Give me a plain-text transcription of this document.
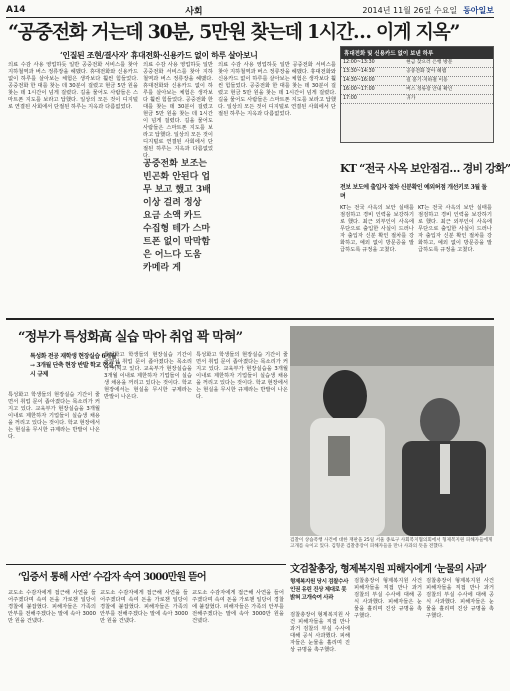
A14	사회	2014년 11월 26일 수요일 동아일보
“공중전화 거는데 30분, 5만원 찾는데 1시간… 이게 지옥”
‘인질된 조현/결사자’ 휴대전화·신용카드 없이 하루 살아보니

의료 수감 사용 영업하듯 일반 공중전화 서비스를 찾아 지하철역과 버스 정류장을 헤맸다. 휴대전화와 신용카드 없이 하루를 살아보는 체험은 생각보다 훨씬 힘들었다. 공중전화 한 대를 찾는 데 30분이 걸렸고 현금 5만 원을 찾는 데 1시간이 넘게 걸렸다. 길을 물어도 사람들은 스마트폰 지도를 보라고 답했다. 일상의 모든 것이 디지털로 연결된 사회에서 단절된 하루는 지옥과 다름없었다.

의료 수감 사용 영업하듯 일반 공중전화 서비스를 찾아 지하철역과 버스 정류장을 헤맸다. 휴대전화와 신용카드 없이 하루를 살아보는 체험은 생각보다 훨씬 힘들었다. 공중전화 한 대를 찾는 데 30분이 걸렸고 현금 5만 원을 찾는 데 1시간이 넘게 걸렸다. 길을 물어도 사람들은 스마트폰 지도를 보라고 답했다. 일상의 모든 것이 디지털로 연결된 사회에서 단절된 하루는 지옥과 다름없었다.

공중전화 보조는 빈곤화 안된다 업무 보고 했고 3배이상 걸려 정상 요금 소액 카드 수집형 테가 스마트폰 없이 막막함은 어느다 도움 카메라 게

의료 수감 사용 영업하듯 일반 공중전화 서비스를 찾아 지하철역과 버스 정류장을 헤맸다. 휴대전화와 신용카드 없이 하루를 살아보는 체험은 생각보다 훨씬 힘들었다. 공중전화 한 대를 찾는 데 30분이 걸렸고 현금 5만 원을 찾는 데 1시간이 넘게 걸렸다. 길을 물어도 사람들은 스마트폰 지도를 보라고 답했다. 일상의 모든 것이 디지털로 연결된 사회에서 단절된 하루는 지옥과 다름없었다.

휴대전화 및 신용카드 없이 보낸 하루
12:00~13:30	현금 찾으러 은행 방문
13:30~14:30	공중전화 찾아 헤맴
14:30~16:00	길 묻기·지하철 이동
16:00~17:00	버스 정류장 안내 확인
17:00	귀가
KT “전국 사옥 보안점검… 경비 강화”
전보 보도에 출입자 절차 신분확인 예외허점 개선키로 3월 돌며

KT는 전국 사옥의 보안 실태를 점검하고 경비 인력을 보강하기로 했다. 최근 외부인이 사옥에 무단으로 출입한 사실이 드러나자 출입자 신분 확인 절차를 강화하고, 예외 없이 방문증을 발급하도록 규정을 고쳤다.

KT는 전국 사옥의 보안 실태를 점검하고 경비 인력을 보강하기로 했다. 최근 외부인이 사옥에 무단으로 출입한 사실이 드러나자 출입자 신분 확인 절차를 강화하고, 예외 없이 방문증을 발급하도록 규정을 고쳤다.

“정부가 특성화高 실습 막아 취업 꽉 막혀”
특성화 전공 재학생 현장실습 6개월 → 3개월 단축 현장 반발 학교 현실 무시 규제

특성화고 학생들의 현장실습 기간이 줄면서 취업 문이 좁아졌다는 목소리가 커지고 있다. 교육부가 현장실습을 3개월 이내로 제한하자 기업들이 실습생 채용을 꺼리고 있다는 것이다. 학교 현장에서는 현실을 무시한 규제라는 반발이 나온다.

특성화고 학생들의 현장실습 기간이 줄면서 취업 문이 좁아졌다는 목소리가 커지고 있다. 교육부가 현장실습을 3개월 이내로 제한하자 기업들이 실습생 채용을 꺼리고 있다는 것이다. 학교 현장에서는 현실을 무시한 규제라는 반발이 나온다.

특성화고 학생들의 현장실습 기간이 줄면서 취업 문이 좁아졌다는 목소리가 커지고 있다. 교육부가 현장실습을 3개월 이내로 제한하자 기업들이 실습생 채용을 꺼리고 있다는 것이다. 학교 현장에서는 현실을 무시한 규제라는 반발이 나온다.

검찰이 상습폭행 사건에 대한 재판을 25일 서울 종로구 사회복지협의회에서 형제복지원 피해자들에게 고개를 숙이고 있다. 김형준 검찰총장이 피해자들을 만나 사과의 뜻을 전했다.
文검찰총장, 형제복지원 피해자에게 ‘눈물의 사과’
형제복지원 당시 검찰수사 인권 유린 진상 제대로 못밝혀 고개숙여 사과

검찰총장이 형제복지원 사건 피해자들을 직접 만나 과거 검찰의 부실 수사에 대해 공식 사과했다. 피해자들은 눈물을 흘리며 진상 규명을 촉구했다.

검찰총장이 형제복지원 사건 피해자들을 직접 만나 과거 검찰의 부실 수사에 대해 공식 사과했다. 피해자들은 눈물을 흘리며 진상 규명을 촉구했다.

검찰총장이 형제복지원 사건 피해자들을 직접 만나 과거 검찰의 부실 수사에 대해 공식 사과했다. 피해자들은 눈물을 흘리며 진상 규명을 촉구했다.

‘입증서 통해 사연’ 수감자 속여 3000만원 뜯어

교도소 수감자에게 접근해 사연을 들어주겠다며 속여 돈을 가로챈 일당이 경찰에 붙잡혔다. 피해자들은 가족의 안부를 전해주겠다는 말에 속아 3000만 원을 건넸다.

교도소 수감자에게 접근해 사연을 들어주겠다며 속여 돈을 가로챈 일당이 경찰에 붙잡혔다. 피해자들은 가족의 안부를 전해주겠다는 말에 속아 3000만 원을 건넸다.

교도소 수감자에게 접근해 사연을 들어주겠다며 속여 돈을 가로챈 일당이 경찰에 붙잡혔다. 피해자들은 가족의 안부를 전해주겠다는 말에 속아 3000만 원을 건넸다.
